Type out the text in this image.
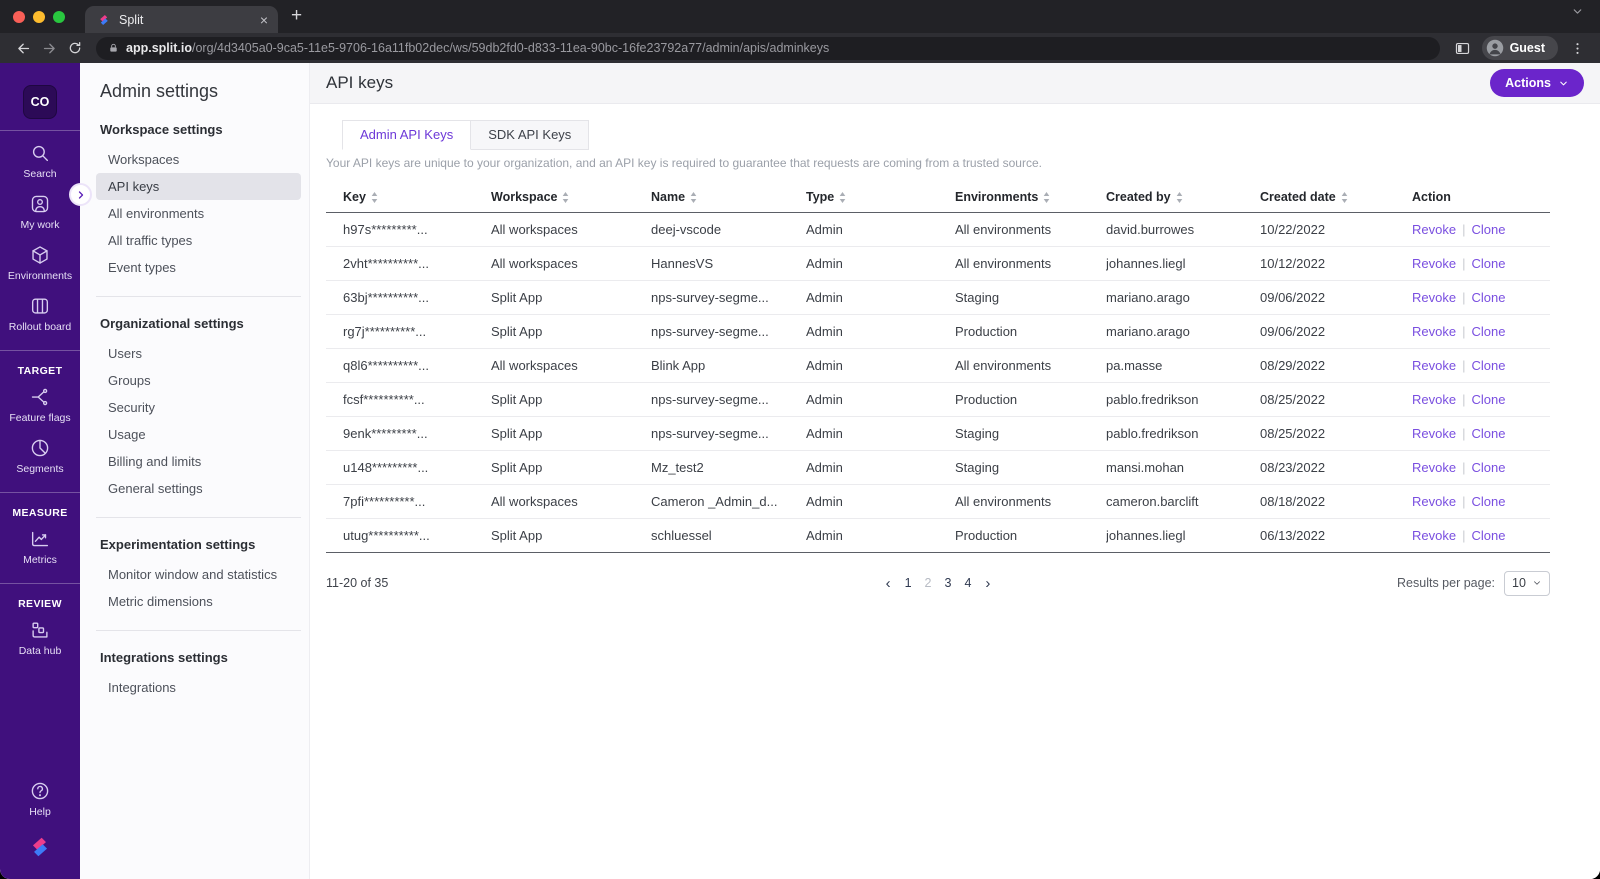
Split	× +
app.split.io/org/4d3405a0-9ca5-11e5-9706-16a11fb02dec/ws/59db2fd0-d833-11ea-90bc-16fe23792a77/admin/apis/adminkeys	Guest
CO
Search
My work
Environments
Rollout board
TARGET
Feature flags
Segments
MEASURE
Metrics
REVIEW
Data hub
Help
Admin settings
Workspace settings
Workspaces
API keys
All environments
All traffic types
Event types
Organizational settings
Users
Groups
Security
Usage
Billing and limits
General settings
Experimentation settings
Monitor window and statistics
Metric dimensions
Integrations settings
Integrations
API keys	Actions
Admin API Keys	SDK API Keys

Your API keys are unique to your organization, and an API key is required to guarantee that requests are coming from a trusted source.

Key	Workspace	Name	Type	Environments	Created by	Created date	Action
h97s*********...	All workspaces	deej-vscode	Admin	All environments	david.burrowes	10/22/2022	Revoke | Clone
2vht**********...	All workspaces	HannesVS	Admin	All environments	johannes.liegl	10/12/2022	Revoke | Clone
63bj**********...	Split App	nps-survey-segme...	Admin	Staging	mariano.arago	09/06/2022	Revoke | Clone
rg7j**********...	Split App	nps-survey-segme...	Admin	Production	mariano.arago	09/06/2022	Revoke | Clone
q8l6**********...	All workspaces	Blink App	Admin	All environments	pa.masse	08/29/2022	Revoke | Clone
fcsf**********...	Split App	nps-survey-segme...	Admin	Production	pablo.fredrikson	08/25/2022	Revoke | Clone
9enk*********...	Split App	nps-survey-segme...	Admin	Staging	pablo.fredrikson	08/25/2022	Revoke | Clone
u148*********...	Split App	Mz_test2	Admin	Staging	mansi.mohan	08/23/2022	Revoke | Clone
7pfi**********...	All workspaces	Cameron _Admin_d...	Admin	All environments	cameron.barclift	08/18/2022	Revoke | Clone
utug**********...	Split App	schluessel	Admin	Production	johannes.liegl	06/13/2022	Revoke | Clone
11-20 of 35	‹ 1 2 3 4 ›	Results per page: 10
